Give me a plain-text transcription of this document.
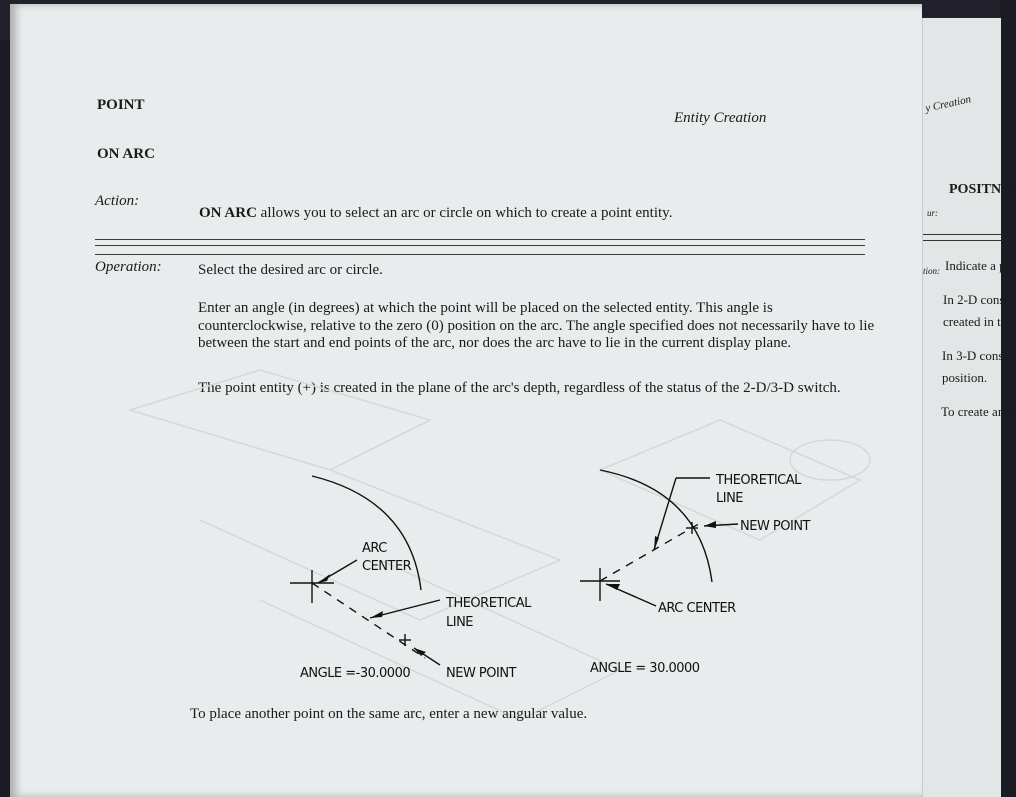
POINT
ON ARC
Entity Creation
Action:
ON ARC allows you to select an arc or circle on which to create a point entity.
Operation: Select the desired arc or circle.
Enter an angle (in degrees) at which the point will be placed on the selected entity. This angle is counterclockwise, relative to the zero (0) position on the arc. The angle specified does not necessarily have to lie between the start and end points of the arc, nor does the arc have to lie in the current display plane.
The point entity (+) is created in the plane of the arc's depth, regardless of the status of the 2-D/3-D switch.
ARC
CENTER
THEORETICAL
LINE
NEW POINT
ANGLE =-30.0000
THEORETICAL
LINE
NEW POINT
ARC CENTER
ANGLE = 30.0000
To place another point on the same arc, enter a new angular value.
y Creation
POSITN al
ur:
tion: Indicate a po
In 2-D const
created in the
In 3-D constr
position.
To create anot
